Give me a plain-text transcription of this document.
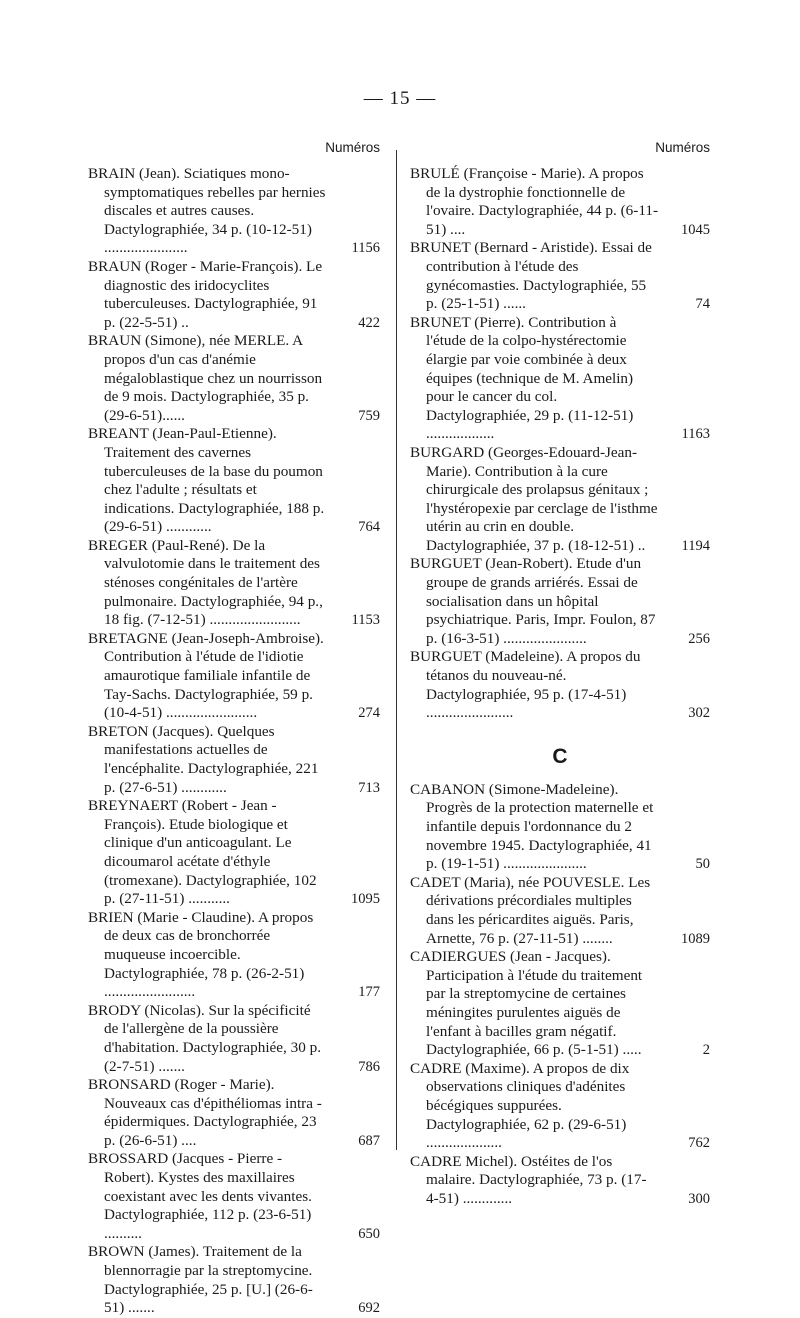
— 15 —
Numéros
BRAIN (Jean). Sciatiques mono-symptomatiques rebelles par hernies discales et autres causes. Dactylographiée, 34 p. (10-12-51) ......................	1156
BRAUN (Roger - Marie-François). Le diagnostic des iridocyclites tuberculeuses. Dactylographiée, 91 p. (22-5-51) ..	422
BRAUN (Simone), née MERLE. A propos d'un cas d'anémie mégaloblastique chez un nourrisson de 9 mois. Dactylographiée, 35 p. (29-6-51)......	759
BREANT (Jean-Paul-Etienne). Traitement des cavernes tuberculeuses de la base du poumon chez l'adulte ; résultats et indications. Dactylographiée, 188 p. (29-6-51) ............	764
BREGER (Paul-René). De la valvulotomie dans le traitement des sténoses congénitales de l'artère pulmonaire. Dactylographiée, 94 p., 18 fig. (7-12-51) ........................	1153
BRETAGNE (Jean-Joseph-Ambroise). Contribution à l'étude de l'idiotie amaurotique familiale infantile de Tay-Sachs. Dactylographiée, 59 p. (10-4-51) ........................	274
BRETON (Jacques). Quelques manifestations actuelles de l'encéphalite. Dactylographiée, 221 p. (27-6-51) ............	713
BREYNAERT (Robert - Jean - François). Etude biologique et clinique d'un anticoagulant. Le dicoumarol acétate d'éthyle (tromexane). Dactylographiée, 102 p. (27-11-51) ...........	1095
BRIEN (Marie - Claudine). A propos de deux cas de bronchorrée muqueuse incoercible. Dactylographiée, 78 p. (26-2-51) ........................	177
BRODY (Nicolas). Sur la spécificité de l'allergène de la poussière d'habitation. Dactylographiée, 30 p. (2-7-51) .......	786
BRONSARD (Roger - Marie). Nouveaux cas d'épithéliomas intra - épidermiques. Dactylographiée, 23 p. (26-6-51) ....	687
BROSSARD (Jacques - Pierre - Robert). Kystes des maxillaires coexistant avec les dents vivantes. Dactylographiée, 112 p. (23-6-51) ..........	650
BROWN (James). Traitement de la blennorragie par la streptomycine. Dactylographiée, 25 p. [U.] (26-6-51) .......	692
Numéros
BRULÉ (Françoise - Marie). A propos de la dystrophie fonctionnelle de l'ovaire. Dactylographiée, 44 p. (6-11-51) ....	1045
BRUNET (Bernard - Aristide). Essai de contribution à l'étude des gynécomasties. Dactylographiée, 55 p. (25-1-51) ......	74
BRUNET (Pierre). Contribution à l'étude de la colpo-hystérectomie élargie par voie combinée à deux équipes (technique de M. Amelin) pour le cancer du col. Dactylographiée, 29 p. (11-12-51) ..................	1163
BURGARD (Georges-Edouard-Jean-Marie). Contribution à la cure chirurgicale des prolapsus génitaux ; l'hystéropexie par cerclage de l'isthme utérin au crin en double. Dactylographiée, 37 p. (18-12-51) ..	1194
BURGUET (Jean-Robert). Etude d'un groupe de grands arriérés. Essai de socialisation dans un hôpital psychiatrique. Paris, Impr. Foulon, 87 p. (16-3-51) ......................	256
BURGUET (Madeleine). A propos du tétanos du nouveau-né. Dactylographiée, 95 p. (17-4-51) .......................	302
C
CABANON (Simone-Madeleine). Progrès de la protection maternelle et infantile depuis l'ordonnance du 2 novembre 1945. Dactylographiée, 41 p. (19-1-51) ......................	50
CADET (Maria), née POUVESLE. Les dérivations précordiales multiples dans les péricardites aiguës. Paris, Arnette, 76 p. (27-11-51) ........	1089
CADIERGUES (Jean - Jacques). Participation à l'étude du traitement par la streptomycine de certaines méningites purulentes aiguës de l'enfant à bacilles gram négatif. Dactylographiée, 66 p. (5-1-51) .....	2
CADRE (Maxime). A propos de dix observations cliniques d'adénites bécégiques suppurées. Dactylographiée, 62 p. (29-6-51) ....................	762
CADRE Michel). Ostéites de l'os malaire. Dactylographiée, 73 p. (17-4-51) .............	300
